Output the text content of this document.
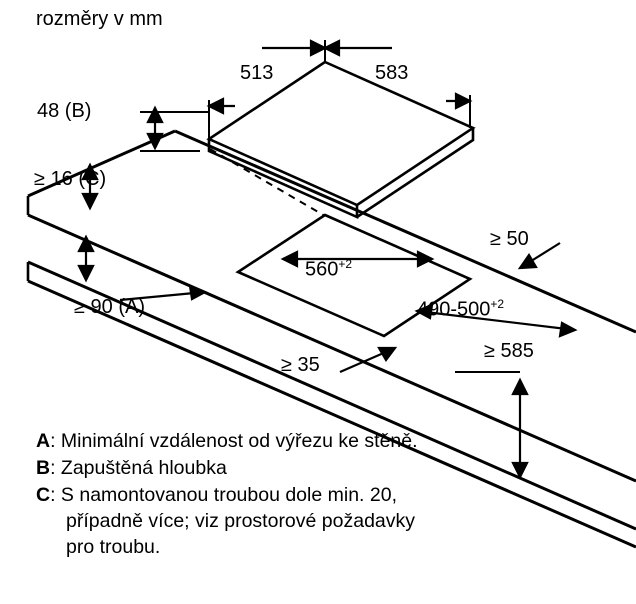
rozměry v mm
513	583
48 (B)
≥ 16 (C)
$560^{+2}$
$490-500^{+2}$
≥ 90 (A)
≥ 35
≥ 50
≥ 585
A: Minimální vzdálenost od výřezu ke stěně.
B: Zapuštěná hloubka
C: S namontovanou troubou dole min. 20,
případně více; viz prostorové požadavky
pro troubu.
